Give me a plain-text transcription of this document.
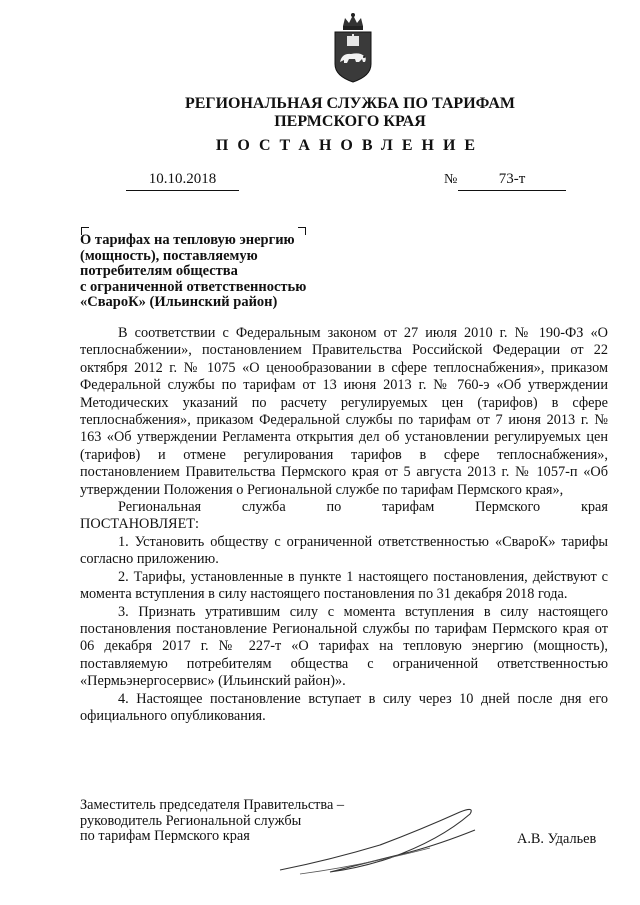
РЕГИОНАЛЬНАЯ СЛУЖБА ПО ТАРИФАМ
ПЕРМСКОГО КРАЯ
ПОСТАНОВЛЕНИЕ
10.10.2018	№	73-т
О тарифах на тепловую энергию
(мощность), поставляемую
потребителям общества
с ограниченной ответственностью
«СвароК» (Ильинский район)

В соответствии с Федеральным законом от 27 июля 2010 г. № 190-ФЗ «О теплоснабжении», постановлением Правительства Российской Федерации от 22 октября 2012 г. № 1075 «О ценообразовании в сфере теплоснабжения», приказом Федеральной службы по тарифам от 13 июня 2013 г. № 760-э «Об утверждении Методических указаний по расчету регулируемых цен (тарифов) в сфере теплоснабжения», приказом Федеральной службы по тарифам от 7 июня 2013 г. № 163 «Об утверждении Регламента открытия дел об установлении регулируемых цен (тарифов) и отмене регулирования тарифов в сфере теплоснабжения», постановлением Правительства Пермского края от 5 августа 2013 г. № 1057-п «Об утверждении Положения о Региональной службе по тарифам Пермского края»,

Региональная	служба	по	тарифам	Пермского	края
ПОСТАНОВЛЯЕТ:

1. Установить обществу с ограниченной ответственностью «СвароК» тарифы согласно приложению.

2. Тарифы, установленные в пункте 1 настоящего постановления, действуют с момента вступления в силу настоящего постановления по 31 декабря 2018 года.

3. Признать утратившим силу с момента вступления в силу настоящего постановления постановление Региональной службы по тарифам Пермского края от 06 декабря 2017 г. № 227-т «О тарифах на тепловую энергию (мощность), поставляемую потребителям общества с ограниченной ответственностью «Пермьэнергосервис» (Ильинский район)».

4. Настоящее постановление вступает в силу через 10 дней после дня его официального опубликования.

Заместитель председателя Правительства –
руководитель Региональной службы
по тарифам Пермского края	А.В. Удальев
